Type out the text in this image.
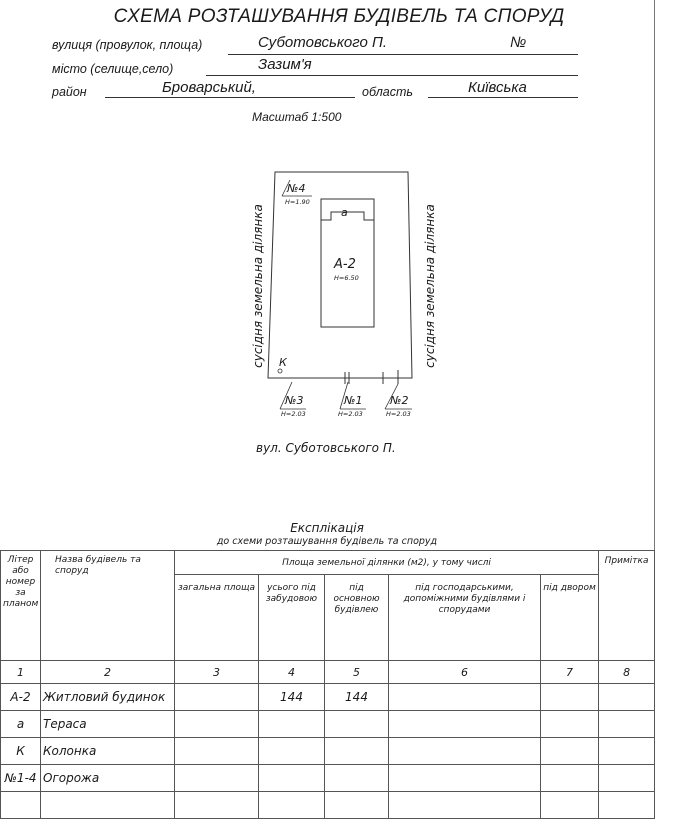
СХЕМА РОЗТАШУВАННЯ БУДІВЕЛЬ ТА СПОРУД
вулиця (провулок, площа)	Суботовського П.	№
місто (селище,село)	Зазим'я
район	Броварський,	область	Київська
Масштаб 1:500
№4
H=1.90
а
А-2
H=6.50
К
№3
H=2.03
№1
H=2.03
№2
H=2.03
сусідня земельна ділянка	сусідня земельна ділянка
вул. Суботовського П.
Експлікація
до схеми розташування будівель та споруд
Літер або номер за планом	Назва будівель та споруд	Площа земельної ділянки (м2), у тому числі					Примітка
		загальна площа	усього під забудовою	під основною будівлею	під господарськими, допоміжними будівлями і спорудами	під двором	
1	2	3	4	5	6	7	8
А-2	Житловий будинок		144	144			
а	Тераса						
К	Колонка						
№1-4	Огорожа						
